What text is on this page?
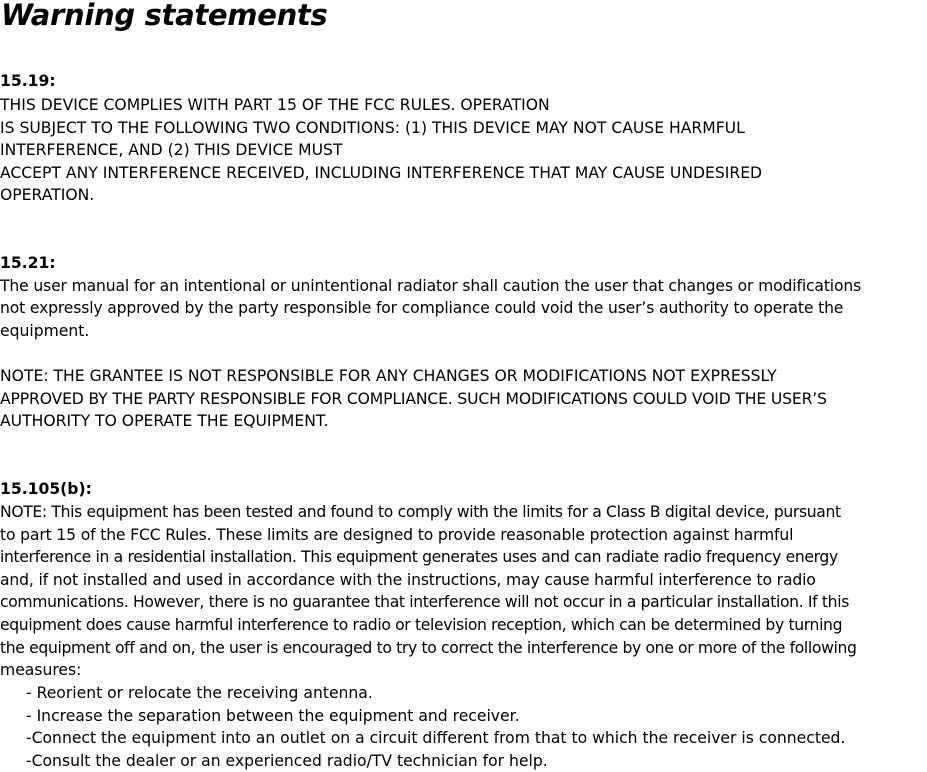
Warning statements

15.19:

THIS DEVICE COMPLIES WITH PART 15 OF THE FCC RULES. OPERATION

IS SUBJECT TO THE FOLLOWING TWO CONDITIONS: (1) THIS DEVICE MAY NOT CAUSE HARMFUL

INTERFERENCE, AND (2) THIS DEVICE MUST

ACCEPT ANY INTERFERENCE RECEIVED, INCLUDING INTERFERENCE THAT MAY CAUSE UNDESIRED

OPERATION.

15.21:

The user manual for an intentional or unintentional radiator shall caution the user that changes or modifications

not expressly approved by the party responsible for compliance could void the user’s authority to operate the

equipment.

NOTE: THE GRANTEE IS NOT RESPONSIBLE FOR ANY CHANGES OR MODIFICATIONS NOT EXPRESSLY

APPROVED BY THE PARTY RESPONSIBLE FOR COMPLIANCE. SUCH MODIFICATIONS COULD VOID THE USER’S

AUTHORITY TO OPERATE THE EQUIPMENT.

15.105(b):

NOTE: This equipment has been tested and found to comply with the limits for a Class B digital device, pursuant

to part 15 of the FCC Rules. These limits are designed to provide reasonable protection against harmful

interference in a residential installation. This equipment generates uses and can radiate radio frequency energy

and, if not installed and used in accordance with the instructions, may cause harmful interference to radio

communications. However, there is no guarantee that interference will not occur in a particular installation. If this

equipment does cause harmful interference to radio or television reception, which can be determined by turning

the equipment off and on, the user is encouraged to try to correct the interference by one or more of the following

measures:

- Reorient or relocate the receiving antenna.

- Increase the separation between the equipment and receiver.

-Connect the equipment into an outlet on a circuit different from that to which the receiver is connected.

-Consult the dealer or an experienced radio/TV technician for help.
